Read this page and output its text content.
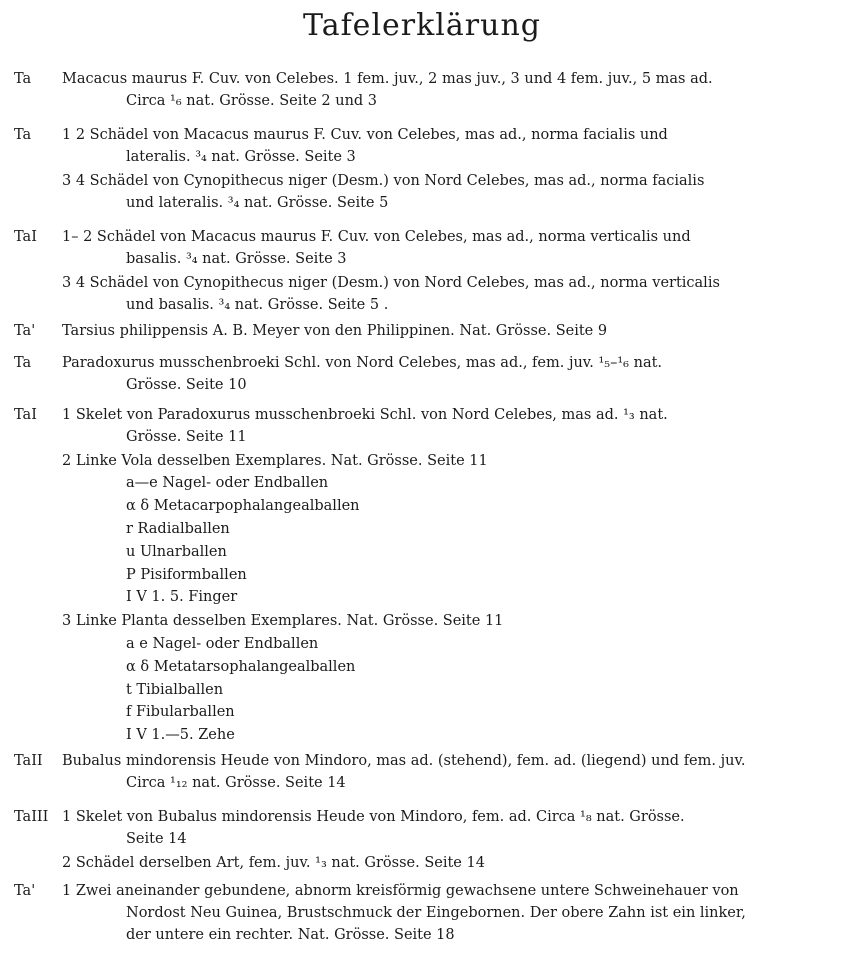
Tafelerklärung
Ta Macacus maurus F. Cuv. von Celebes. 1 fem. juv., 2 mas juv., 3 und 4 fem. juv., 5 mas ad.
Circa ¹₆ nat. Grösse. Seite 2 und 3
Ta 1 2 Schädel von Macacus maurus F. Cuv. von Celebes, mas ad., norma facialis und
lateralis. ³₄ nat. Grösse. Seite 3
3 4 Schädel von Cynopithecus niger (Desm.) von Nord Celebes, mas ad., norma facialis
und lateralis. ³₄ nat. Grösse. Seite 5
TaI 1– 2 Schädel von Macacus maurus F. Cuv. von Celebes, mas ad., norma verticalis und
basalis. ³₄ nat. Grösse. Seite 3
3 4 Schädel von Cynopithecus niger (Desm.) von Nord Celebes, mas ad., norma verticalis
und basalis. ³₄ nat. Grösse. Seite 5 .
Ta' Tarsius philippensis A. B. Meyer von den Philippinen. Nat. Grösse. Seite 9
Ta Paradoxurus musschenbroeki Schl. von Nord Celebes, mas ad., fem. juv. ¹₅–¹₆ nat.
Grösse. Seite 10
TaI 1 Skelet von Paradoxurus musschenbroeki Schl. von Nord Celebes, mas ad. ¹₃ nat.
Grösse. Seite 11
2 Linke Vola desselben Exemplares. Nat. Grösse. Seite 11
a—e Nagel- oder Endballen
α δ Metacarpophalangealballen
r Radialballen
u Ulnarballen
P Pisiformballen
I V 1. 5. Finger
3 Linke Planta desselben Exemplares. Nat. Grösse. Seite 11
a e Nagel- oder Endballen
α δ Metatarsophalangealballen
t Tibialballen
f Fibularballen
I V 1.—5. Zehe
TaII Bubalus mindorensis Heude von Mindoro, mas ad. (stehend), fem. ad. (liegend) und fem. juv.
Circa ¹₁₂ nat. Grösse. Seite 14
TaIII 1 Skelet von Bubalus mindorensis Heude von Mindoro, fem. ad. Circa ¹₈ nat. Grösse.
Seite 14
2 Schädel derselben Art, fem. juv. ¹₃ nat. Grösse. Seite 14
Ta' 1 Zwei aneinander gebundene, abnorm kreisförmig gewachsene untere Schweinehauer von
Nordost Neu Guinea, Brustschmuck der Eingebornen. Der obere Zahn ist ein linker,
der untere ein rechter. Nat. Grösse. Seite 18
